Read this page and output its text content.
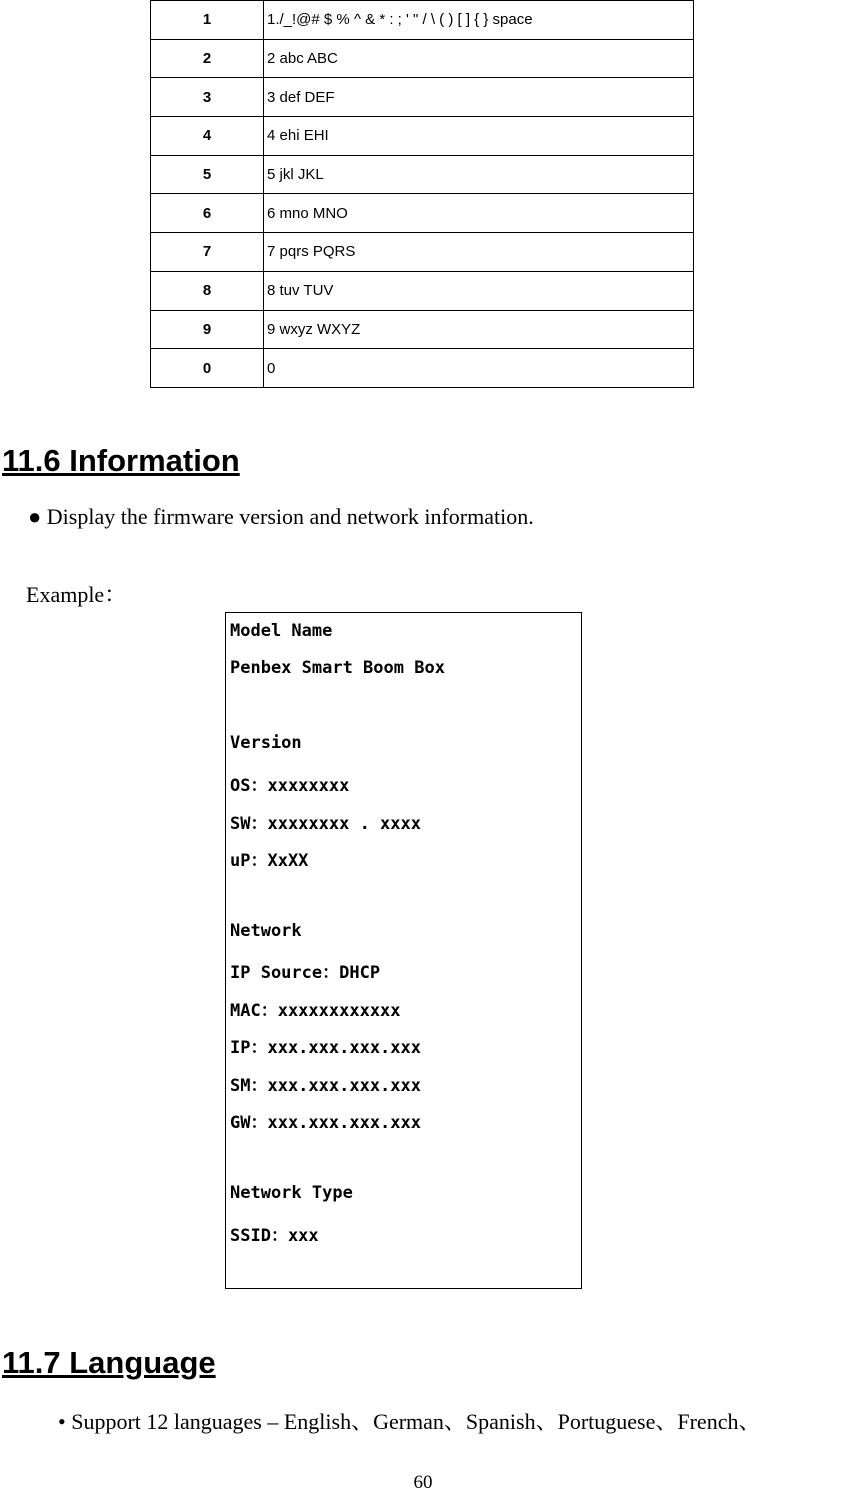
1	1./_!@# $ % ^ & * : ; ' " / \ ( ) [ ] { } space
2	2 abc ABC
3	3 def DEF
4	4 ehi EHI
5	5 jkl JKL
6	6 mno MNO
7	7 pqrs PQRS
8	8 tuv TUV
9	9 wxyz WXYZ
0	0
11.6 Information

● Display the firmware version and network information.

Example：

Model Name
Penbex Smart Boom Box
Version
OS：xxxxxxxx
SW：xxxxxxxx . xxxx
uP：XxXX
Network
IP Source：DHCP
MAC：xxxxxxxxxxxx
IP：xxx.xxx.xxx.xxx
SM：xxx.xxx.xxx.xxx
GW：xxx.xxx.xxx.xxx
Network Type
SSID：xxx
11.7 Language

• Support 12 languages – English、German、Spanish、Portuguese、French、

60
